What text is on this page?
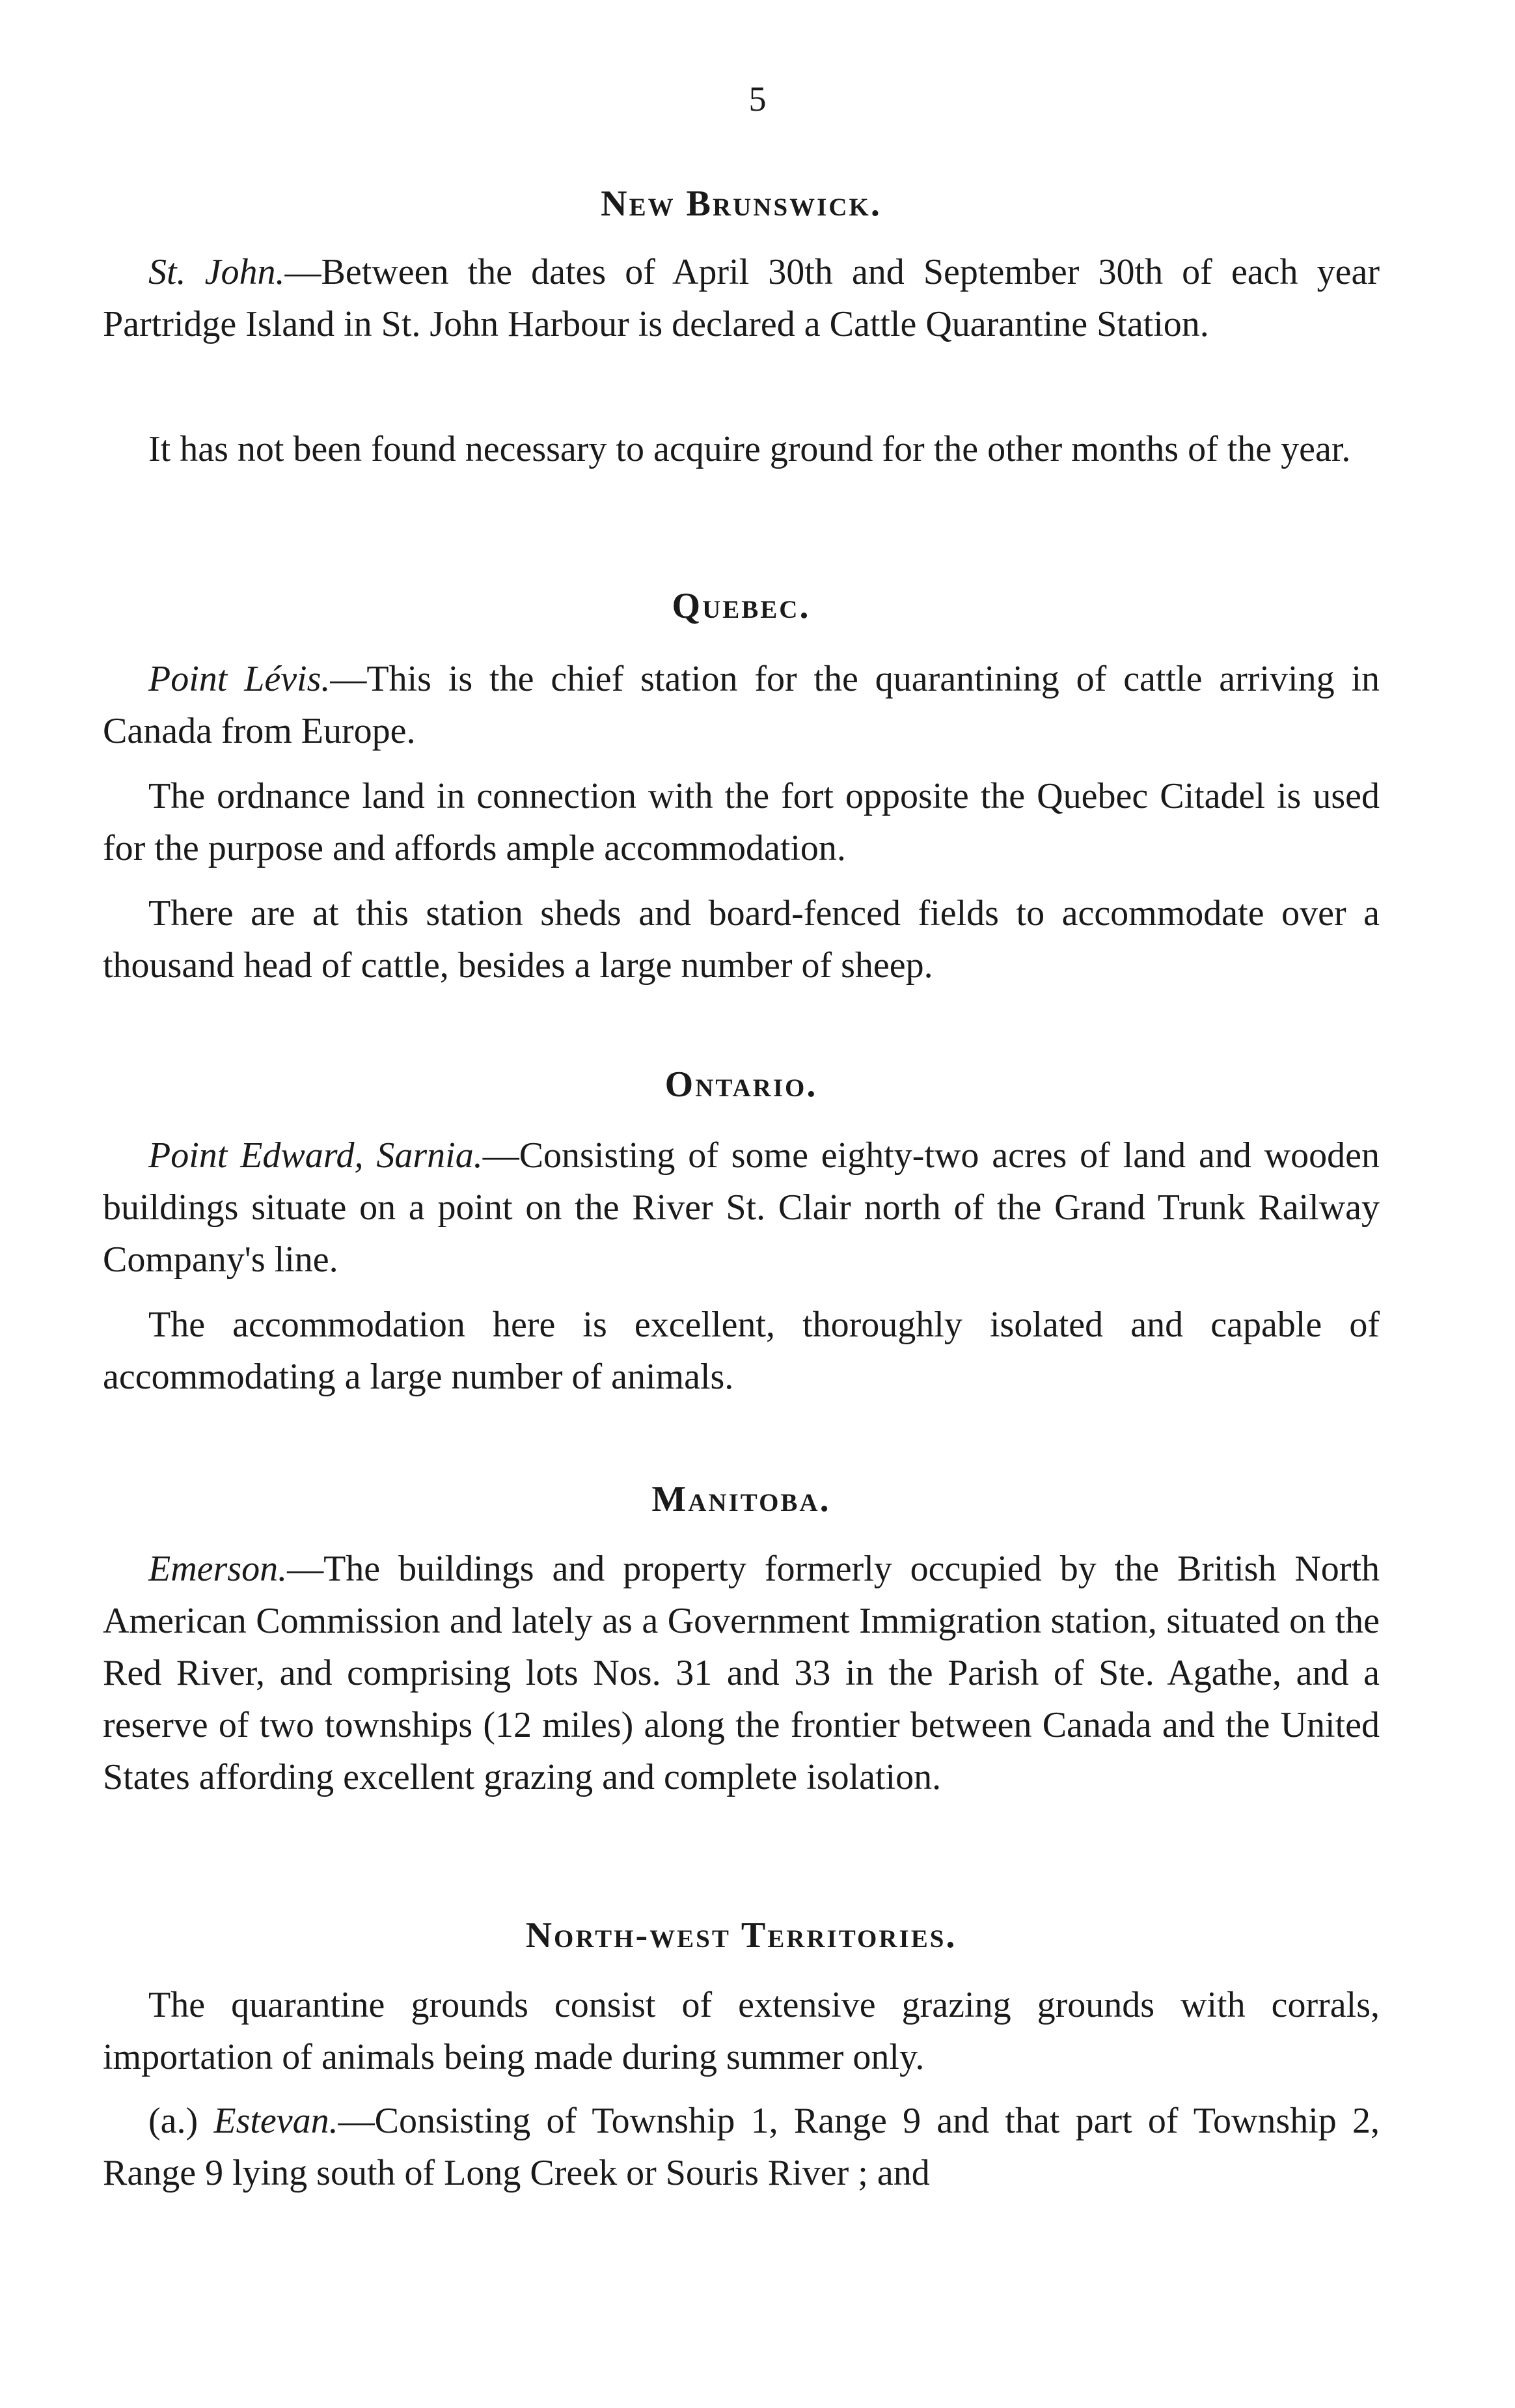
5
New Brunswick.

St. John.—Between the dates of April 30th and September 30th of each year Partridge Island in St. John Harbour is declared a Cattle Quarantine Station.

It has not been found necessary to acquire ground for the other months of the year.

Quebec.

Point Lévis.—This is the chief station for the quarantining of cattle arriving in Canada from Europe.

The ordnance land in connection with the fort opposite the Quebec Citadel is used for the purpose and affords ample accommodation.

There are at this station sheds and board-fenced fields to accommodate over a thousand head of cattle, besides a large number of sheep.

Ontario.

Point Edward, Sarnia.—Consisting of some eighty-two acres of land and wooden buildings situate on a point on the River St. Clair north of the Grand Trunk Railway Company's line.

The accommodation here is excellent, thoroughly isolated and capable of accommodating a large number of animals.

Manitoba.

Emerson.—The buildings and property formerly occupied by the British North American Commission and lately as a Government Immigration station, situated on the Red River, and comprising lots Nos. 31 and 33 in the Parish of Ste. Agathe, and a reserve of two townships (12 miles) along the frontier between Canada and the United States affording excellent grazing and complete isolation.

North-west Territories.

The quarantine grounds consist of extensive grazing grounds with corrals, importation of animals being made during summer only.

(a.) Estevan.—Consisting of Township 1, Range 9 and that part of Township 2, Range 9 lying south of Long Creek or Souris River ; and
